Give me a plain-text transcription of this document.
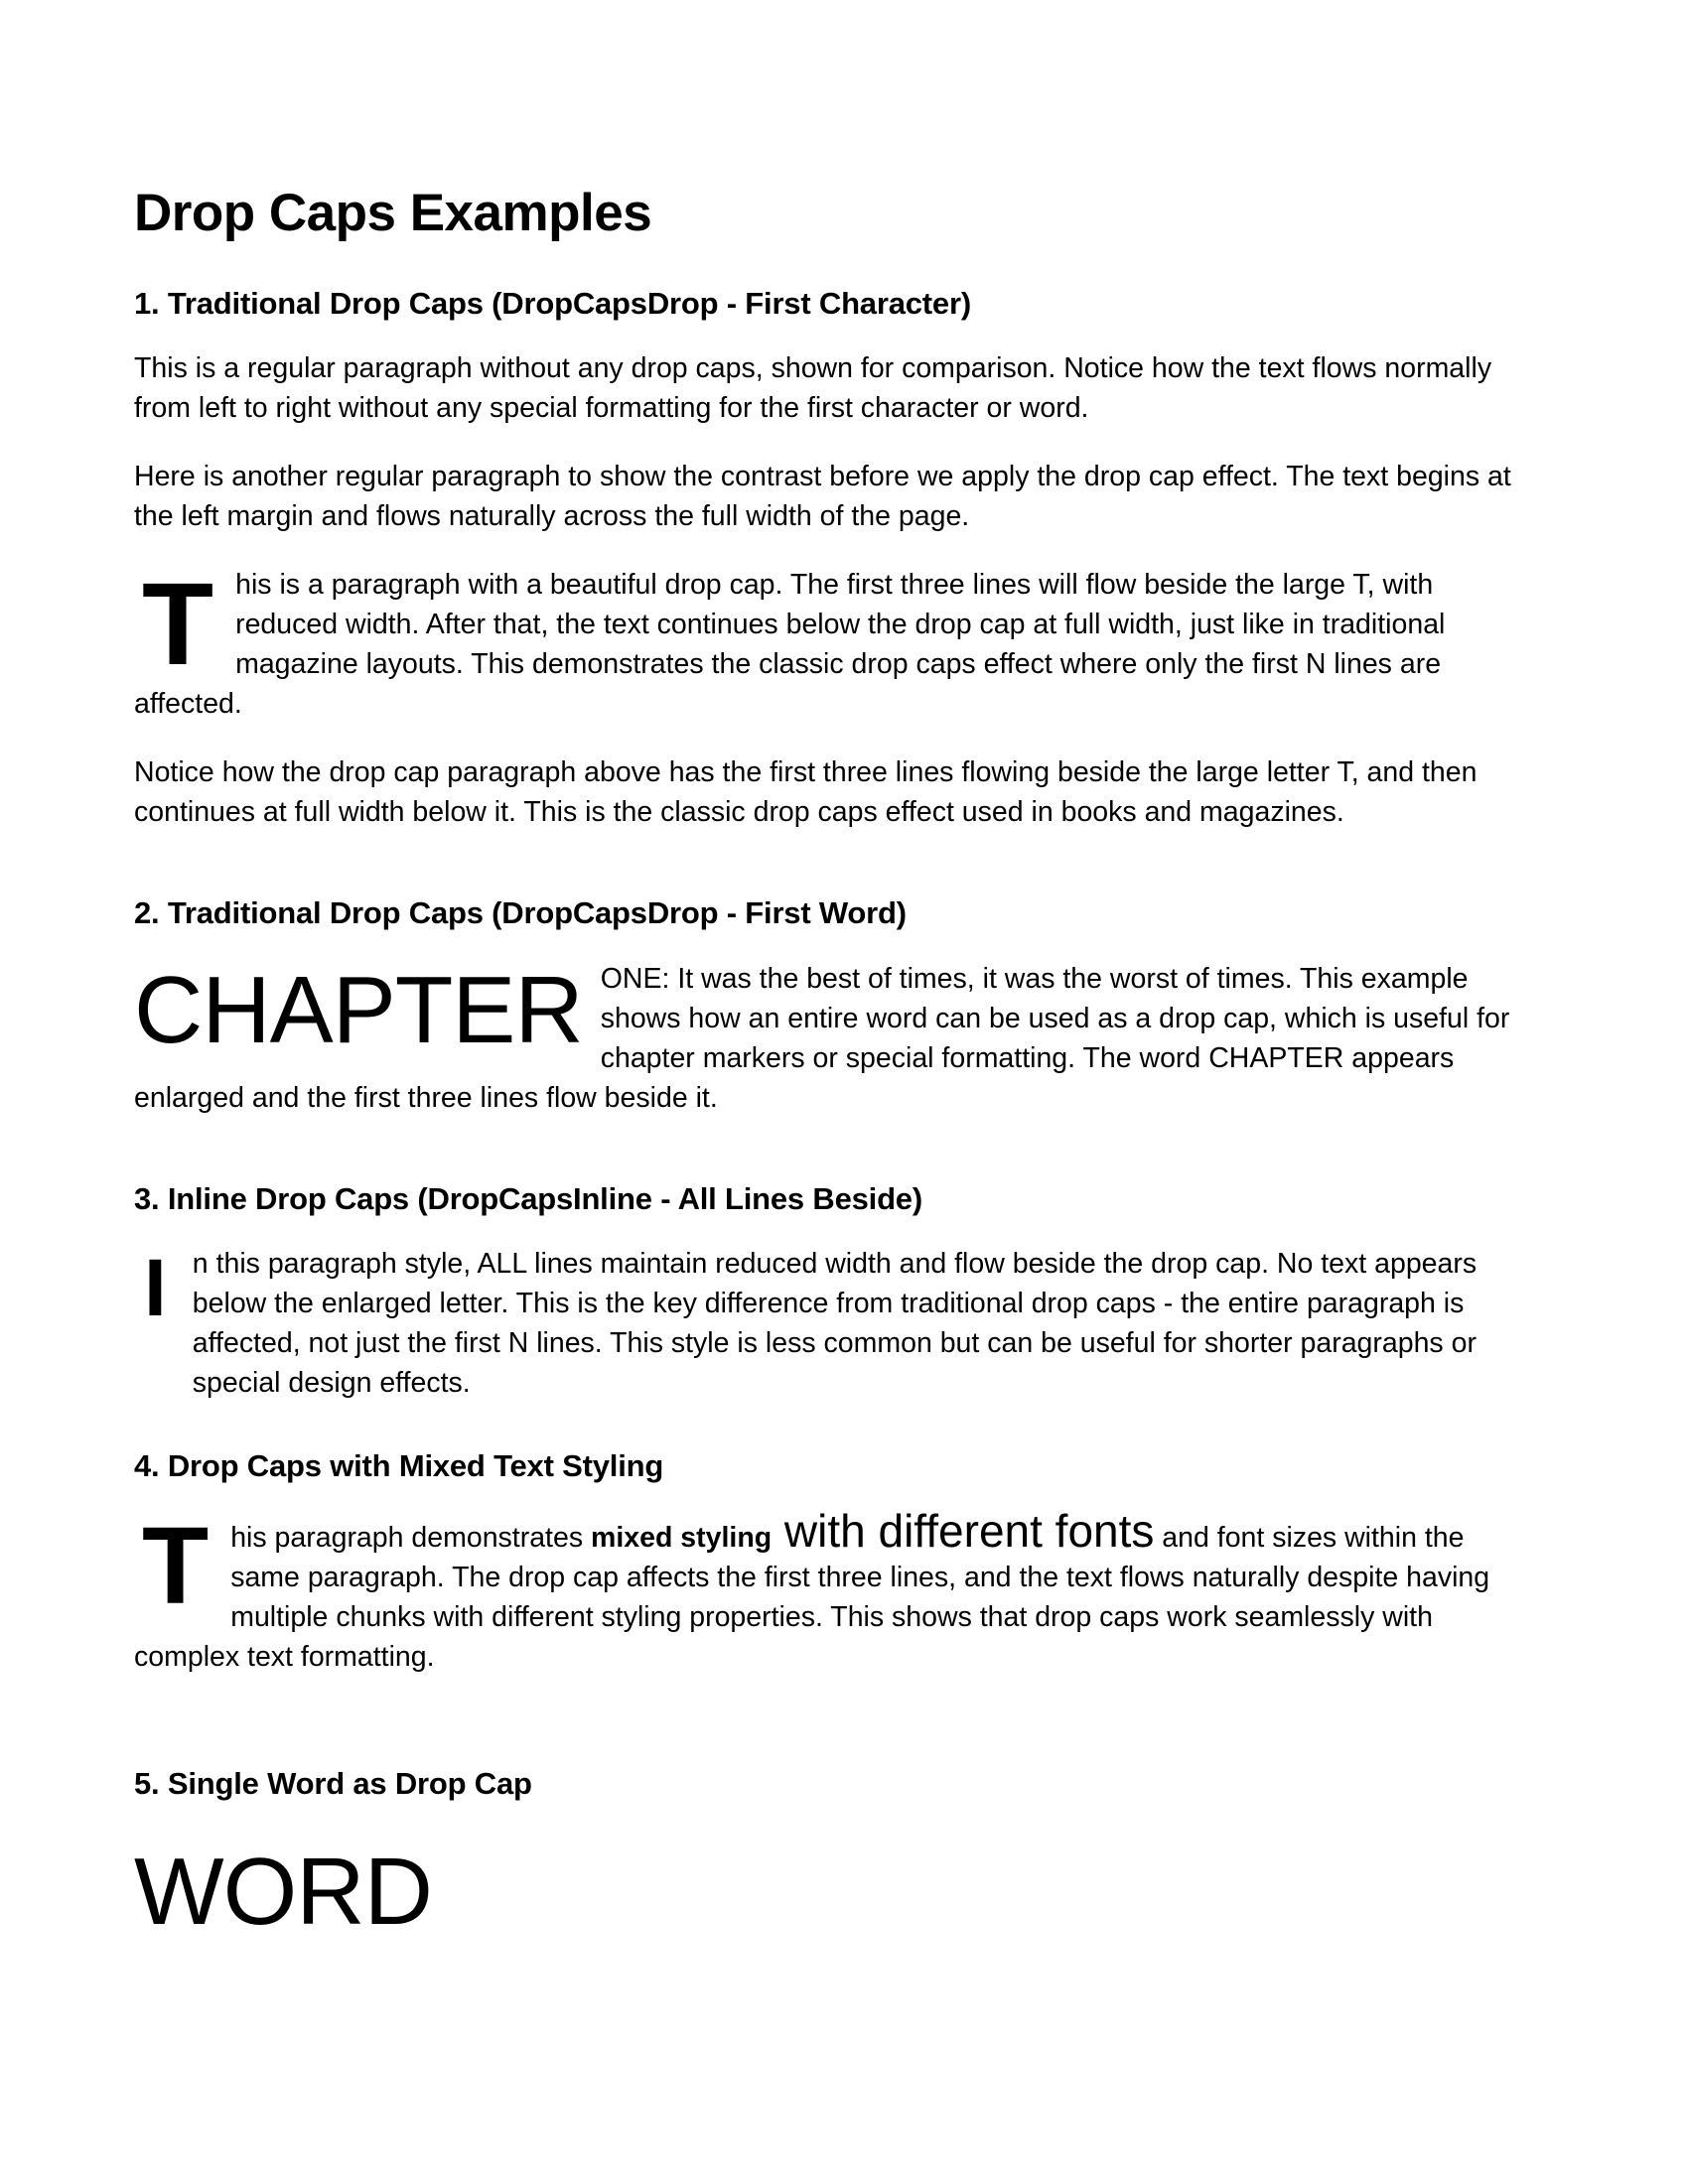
Drop Caps Examples
1. Traditional Drop Caps (DropCapsDrop - First Character)

This is a regular paragraph without any drop caps, shown for comparison. Notice how the text flows normally from left to right without any special formatting for the first character or word.

Here is another regular paragraph to show the contrast before we apply the drop cap effect. The text begins at the left margin and flows naturally across the full width of the page.

This is a paragraph with a beautiful drop cap. The first three lines will flow beside the large T, with reduced width. After that, the text continues below the drop cap at full width, just like in traditional magazine layouts. This demonstrates the classic drop caps effect where only the first N lines are affected.

Notice how the drop cap paragraph above has the first three lines flowing beside the large letter T, and then continues at full width below it. This is the classic drop caps effect used in books and magazines.

2. Traditional Drop Caps (DropCapsDrop - First Word)
CHAPTER ONE: It was the best of times, it was the worst of times. This example shows how an entire word can be used as a drop cap, which is useful for chapter markers or special formatting. The word CHAPTER appears enlarged and the first three lines flow beside it.
3. Inline Drop Caps (DropCapsInline - All Lines Beside)
I n this paragraph style, ALL lines maintain reduced width and flow beside the drop cap. No text appears below the enlarged letter. This is the key difference from traditional drop caps - the entire paragraph is affected, not just the first N lines. This style is less common but can be useful for shorter paragraphs or special design effects.
4. Drop Caps with Mixed Text Styling
This paragraph demonstrates mixed styling with different fonts and font sizes within the same paragraph. The drop cap affects the first three lines, and the text flows naturally despite having multiple chunks with different styling properties. This shows that drop caps work seamlessly with complex text formatting.
5. Single Word as Drop Cap
WORD
